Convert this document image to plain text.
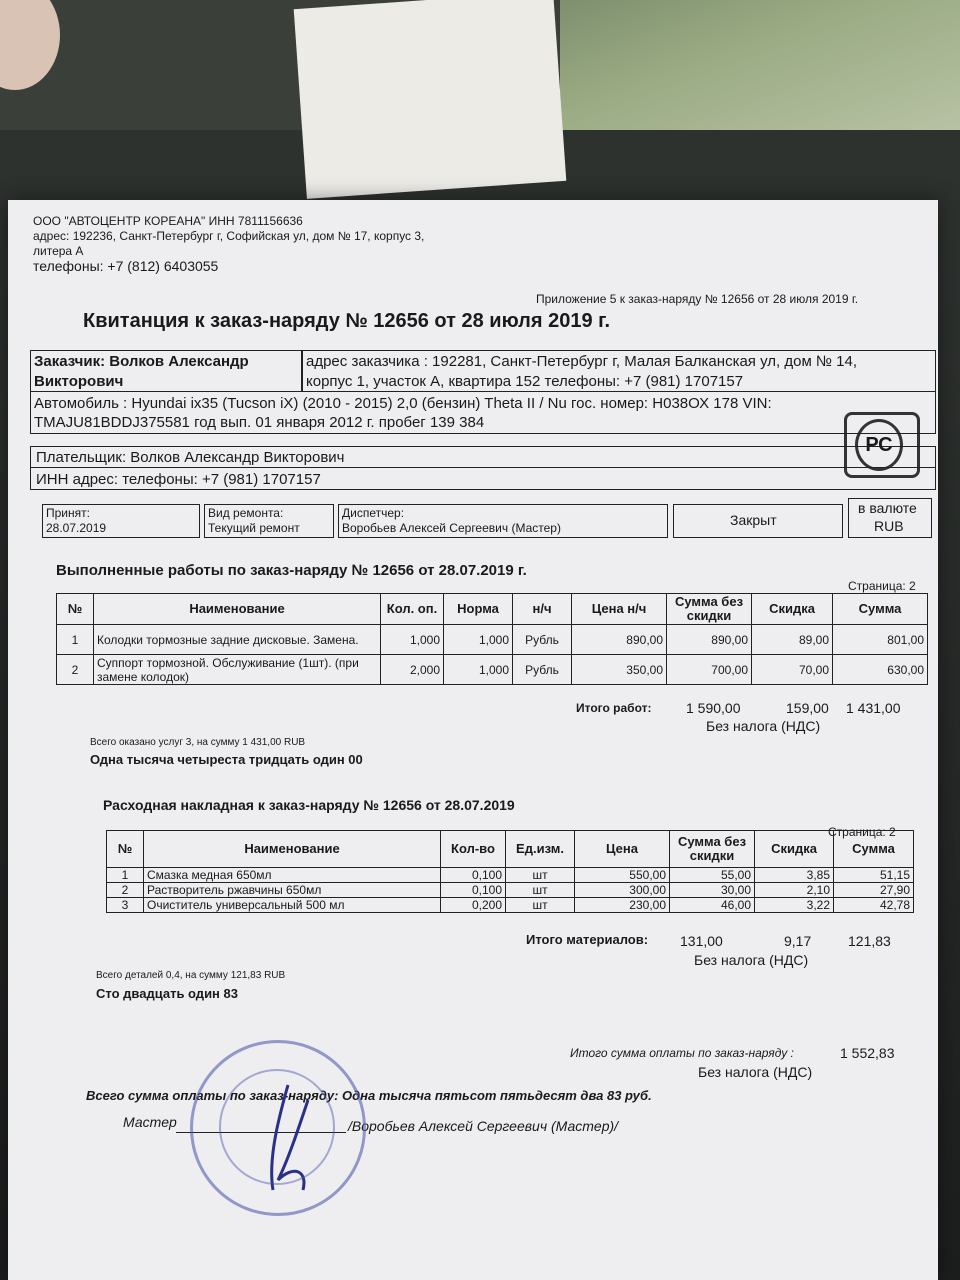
ООО "АВТОЦЕНТР КОРЕАНА" ИНН 7811156636
адрес: 192236, Санкт-Петербург г, Софийская ул, дом № 17, корпус 3,
литера А
телефоны: +7 (812) 6403055
РС
Приложение 5 к заказ-наряду № 12656 от 28 июля 2019 г.
Квитанция к заказ-наряду № 12656 от 28 июля 2019 г.
Заказчик: Волков Александр
Викторович
адрес заказчика : 192281, Санкт-Петербург г, Малая Балканская ул, дом № 14,
корпус 1, участок А, квартира 152 телефоны: +7 (981) 1707157
Автомобиль : Hyundai ix35 (Tucson iX) (2010 - 2015) 2,0 (бензин) Theta II / Nu гос. номер: Н038ОХ 178 VIN:
TMAJU81BDDJ375581 год вып. 01 января 2012 г. пробег 139 384
Плательщик: Волков Александр Викторович
ИНН адрес: телефоны: +7 (981) 1707157
Принят:
28.07.2019
Вид ремонта:
Текущий ремонт
Диспетчер:
Воробьев Алексей Сергеевич (Мастер)	Закрыт
в валюте
RUB
Выполненные работы по заказ-наряду № 12656 от 28.07.2019 г.
Страница: 2
№	Наименование	Кол. оп.	Норма	н/ч	Цена н/ч	Сумма без скидки	Скидка	Сумма
1	Колодки тормозные задние дисковые. Замена.	1,000	1,000	Рубль	890,00	890,00	89,00	801,00
2	Суппорт тормозной. Обслуживание (1шт). (при замене колодок)	2,000	1,000	Рубль	350,00	700,00	70,00	630,00
Итого работ: 1 590,00	159,00 1 431,00
Без налога (НДС)
Всего оказано услуг 3, на сумму 1 431,00 RUB
Одна тысяча четыреста тридцать один 00
Расходная накладная к заказ-наряду № 12656 от 28.07.2019
Страница: 2
№	Наименование	Кол-во	Ед.изм.	Цена	Сумма без скидки	Скидка	Сумма
1	Смазка медная 650мл	0,100	шт	550,00	55,00	3,85	51,15
2	Растворитель ржавчины 650мл	0,100	шт	300,00	30,00	2,10	27,90
3	Очиститель универсальный 500 мл	0,200	шт	230,00	46,00	3,22	42,78
Итого материалов: 131,00	9,17	121,83
Без налога (НДС)
Всего деталей 0,4, на сумму 121,83 RUB
Сто двадцать один 83
Итого сумма оплаты по заказ-наряду :	1 552,83
Без налога (НДС)
Всего сумма оплаты по заказ-наряду: Одна тысяча пятьсот пятьдесят два 83 руб.
Мастер	/Воробьев Алексей Сергеевич (Мастер)/
